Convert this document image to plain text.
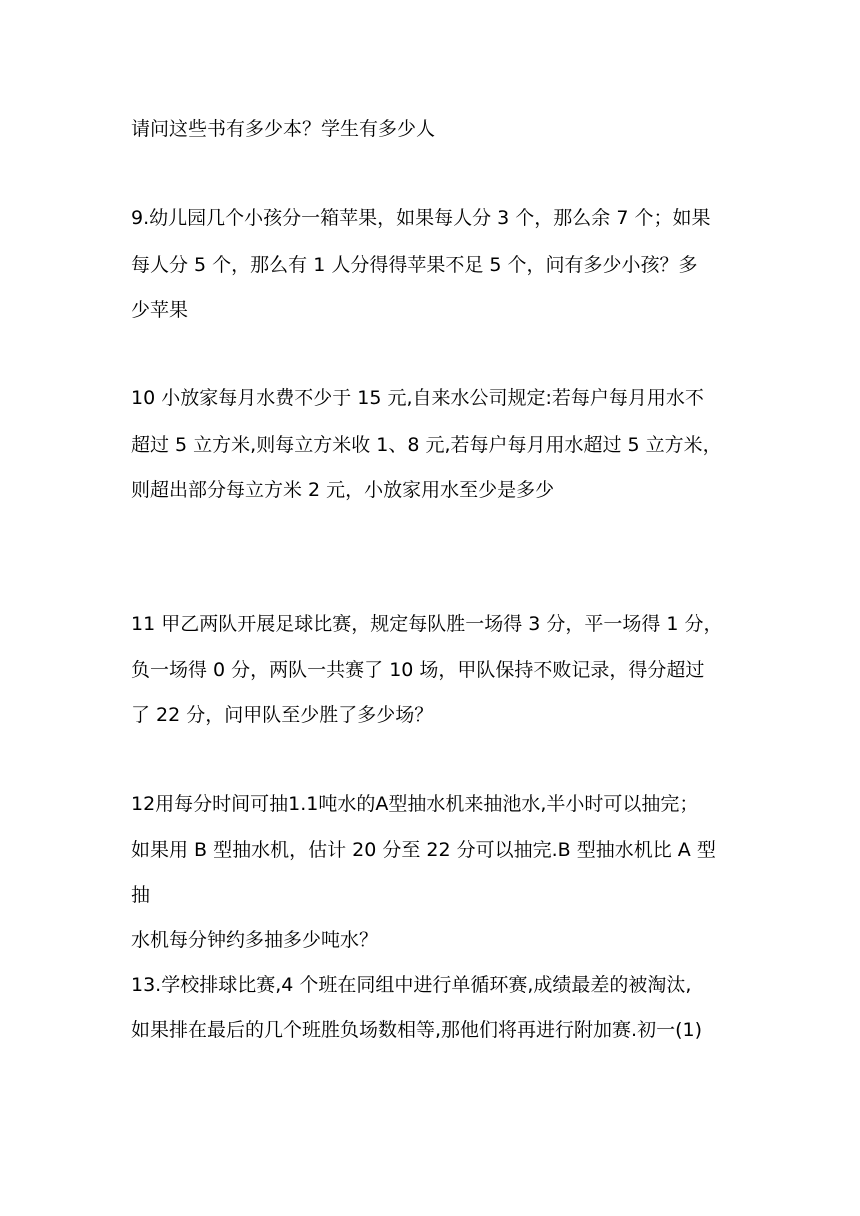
请问这些书有多少本？学生有多少人
9.幼儿园几个小孩分一箱苹果，如果每人分 3 个，那么余 7 个；如果
每人分 5 个，那么有 1 人分得得苹果不足 5 个，问有多少小孩？多
少苹果
10 小放家每月水费不少于 15 元,自来水公司规定:若每户每月用水不
超过 5 立方米,则每立方米收 1、8 元,若每户每月用水超过 5 立方米，
则超出部分每立方米 2 元，小放家用水至少是多少
11 甲乙两队开展足球比赛，规定每队胜一场得 3 分，平一场得 1 分，
负一场得 0 分，两队一共赛了 10 场，甲队保持不败记录，得分超过
了 22 分，问甲队至少胜了多少场？
12用每分时间可抽1.1吨水的A型抽水机来抽池水,半小时可以抽完；
如果用 B 型抽水机，估计 20 分至 22 分可以抽完.B 型抽水机比 A 型
抽
水机每分钟约多抽多少吨水？
13.学校排球比赛,4 个班在同组中进行单循环赛,成绩最差的被淘汰,
如果排在最后的几个班胜负场数相等,那他们将再进行附加赛.初一(1)
